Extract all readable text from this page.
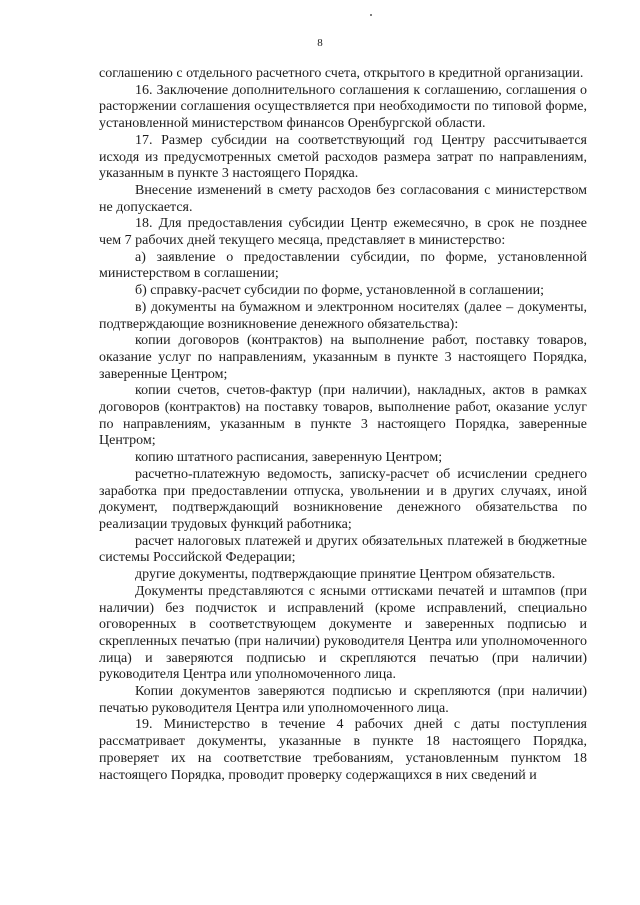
8

соглашению с отдельного расчетного счета, открытого в кредитной организации.

16. Заключение дополнительного соглашения к соглашению, соглашения о расторжении соглашения осуществляется при необходимости по типовой форме, установленной министерством финансов Оренбургской области.

17. Размер субсидии на соответствующий год Центру рассчитывается исходя из предусмотренных сметой расходов размера затрат по направлениям, указанным в пункте 3 настоящего Порядка.

Внесение изменений в смету расходов без согласования с министерством не допускается.

18. Для предоставления субсидии Центр ежемесячно, в срок не позднее чем 7 рабочих дней текущего месяца, представляет в министерство:

а) заявление о предоставлении субсидии, по форме, установленной министерством в соглашении;

б) справку-расчет субсидии по форме, установленной в соглашении;

в) документы на бумажном и электронном носителях (далее – документы, подтверждающие возникновение денежного обязательства):

копии договоров (контрактов) на выполнение работ, поставку товаров, оказание услуг по направлениям, указанным в пункте 3 настоящего Порядка, заверенные Центром;

копии счетов, счетов-фактур (при наличии), накладных, актов в рамках договоров (контрактов) на поставку товаров, выполнение работ, оказание услуг по направлениям, указанным в пункте 3 настоящего Порядка, заверенные Центром;

копию штатного расписания, заверенную Центром;

расчетно-платежную ведомость, записку-расчет об исчислении среднего заработка при предоставлении отпуска, увольнении и в других случаях, иной документ, подтверждающий возникновение денежного обязательства по реализации трудовых функций работника;

расчет налоговых платежей и других обязательных платежей в бюджетные системы Российской Федерации;

другие документы, подтверждающие принятие Центром обязательств.

Документы представляются с ясными оттисками печатей и штампов (при наличии) без подчисток и исправлений (кроме исправлений, специально оговоренных в соответствующем документе и заверенных подписью и скрепленных печатью (при наличии) руководителя Центра или уполномоченного лица) и заверяются подписью и скрепляются печатью (при наличии) руководителя Центра или уполномоченного лица.

Копии документов заверяются подписью и скрепляются (при наличии) печатью руководителя Центра или уполномоченного лица.

19. Министерство в течение 4 рабочих дней с даты поступления рассматривает документы, указанные в пункте 18 настоящего Порядка, проверяет их на соответствие требованиям, установленным пунктом 18 настоящего Порядка, проводит проверку содержащихся в них сведений и
